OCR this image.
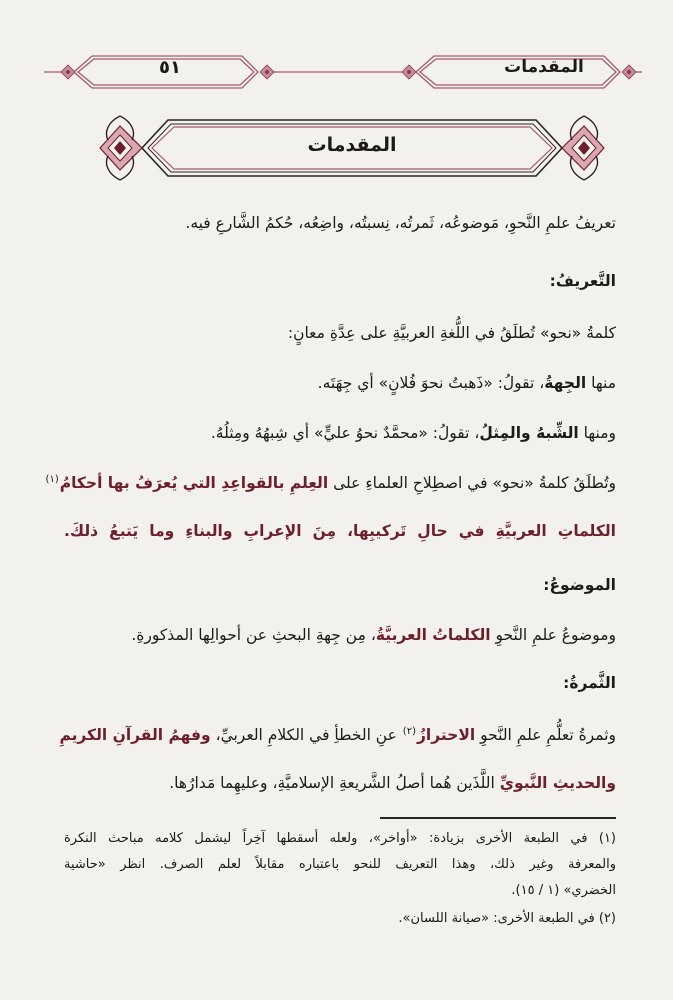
٥١	المقدمات
المقدمات
تعريفُ علمِ النَّحوِ، مَوضوعُه، ثَمرتُه، نِسبتُه، واضِعُه، حُكمُ الشَّارعِ فيه.
التَّعريفُ:
كلمةُ «نحو» تُطلَقُ في اللُّغةِ العربيَّةِ على عِدَّةِ معانٍ:
منها الجِهةُ، تقولُ: «ذَهبتُ نحوَ فُلانٍ» أي جِهَتَه.
ومنها الشِّبهُ والمِثلُ، تقولُ: «محمَّدٌ نحوُ عليٍّ» أي شِبهُهُ ومِثلُهُ.
وتُطلَقُ كلمةُ «نحو» في اصطِلاحِ العلماءِ على العِلمِ بالقواعِدِ التي يُعرَفُ بها أحكامُ$^{(١)}$
الكلماتِ العربيَّةِ في حالِ تَركيبِها، مِنَ الإعرابِ والبناءِ وما يَتبعُ ذلكَ.
الموضوعُ:
وموضوعُ علمِ النَّحوِ الكلماتُ العربيَّةُ، مِن جِهةِ البحثِ عن أحوالِها المذكورةِ.
الثَّمرةُ:
وثمرةُ تعلُّمِ علمِ النَّحوِ الاحترازُ$^{(٢)}$ عنِ الخطأِ في الكلامِ العربيِّ، وفهمُ القرآنِ الكريمِ
والحديثِ النَّبويِّ اللَّذَين هُما أصلُ الشَّريعةِ الإسلاميَّةِ، وعليهِما مَدارُها.
(١) في الطبعة الأخرى بزيادة: «أواخر»، ولعله أسقطها آخِراً ليشمل كلامه مباحث النكرة
والمعرفة وغير ذلك، وهذا التعريف للنحو باعتباره مقابلاً لعلم الصرف. انظر «حاشية
الخضري» (١ / ١٥).
(٢) في الطبعة الأخرى: «صيانة اللسان».
